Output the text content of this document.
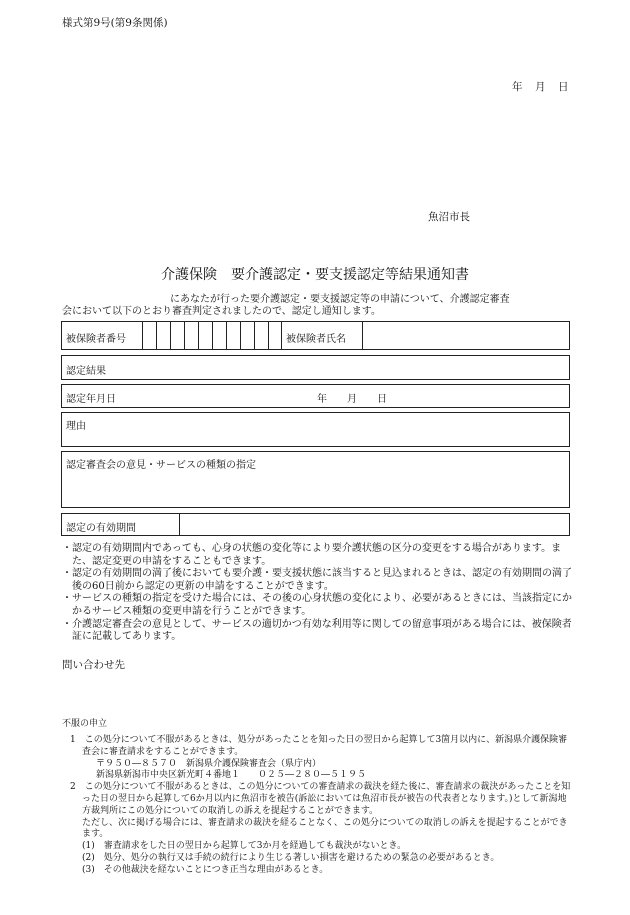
様式第9号(第9条関係)
年　月　日
魚沼市長
介護保険　要介護認定・要支援認定等結果通知書
にあなたが行った要介護認定・要支援認定等の申請について、介護認定審査
会において以下のとおり審査判定されましたので、認定し通知します。
被保険者番号	被保険者氏名
認定結果
認定年月日	年　　月　　日
理由
認定審査会の意見・サービスの種類の指定
認定の有効期間
・認定の有効期間内であっても、心身の状態の変化等により要介護状態の区分の変更をする場合があります。また、認定変更の申請をすることもできます。
・認定の有効期間の満了後においても要介護・要支援状態に該当すると見込まれるときは、認定の有効期間の満了後の60日前から認定の更新の申請をすることができます。
・サービスの種類の指定を受けた場合には、その後の心身状態の変化により、必要があるときには、当該指定にかかるサービス種類の変更申請を行うことができます。
・介護認定審査会の意見として、サービスの適切かつ有効な利用等に関しての留意事項がある場合には、被保険者証に記載してあります。
問い合わせ先
不服の申立

1　この処分について不服があるときは、処分があったことを知った日の翌日から起算して3箇月以内に、新潟県介護保険審査会に審査請求をすることができます。

〒９５０―８５７０　新潟県介護保険審査会（県庁内）

新潟県新潟市中央区新光町４番地１　　０２５―２８０―５１９５

2　この処分について不服があるときは、この処分についての審査請求の裁決を経た後に、審査請求の裁決があったことを知った日の翌日から起算して6か月以内に魚沼市を被告(訴訟においては魚沼市長が被告の代表者となります。)として新潟地方裁判所にこの処分についての取消しの訴えを提起することができます。

ただし、次に掲げる場合には、審査請求の裁決を経ることなく、この処分についての取消しの訴えを提起することができます。

(1)　審査請求をした日の翌日から起算して3か月を経過しても裁決がないとき。

(2)　処分、処分の執行又は手続の続行により生じる著しい損害を避けるための緊急の必要があるとき。

(3)　その他裁決を経ないことにつき正当な理由があるとき。
